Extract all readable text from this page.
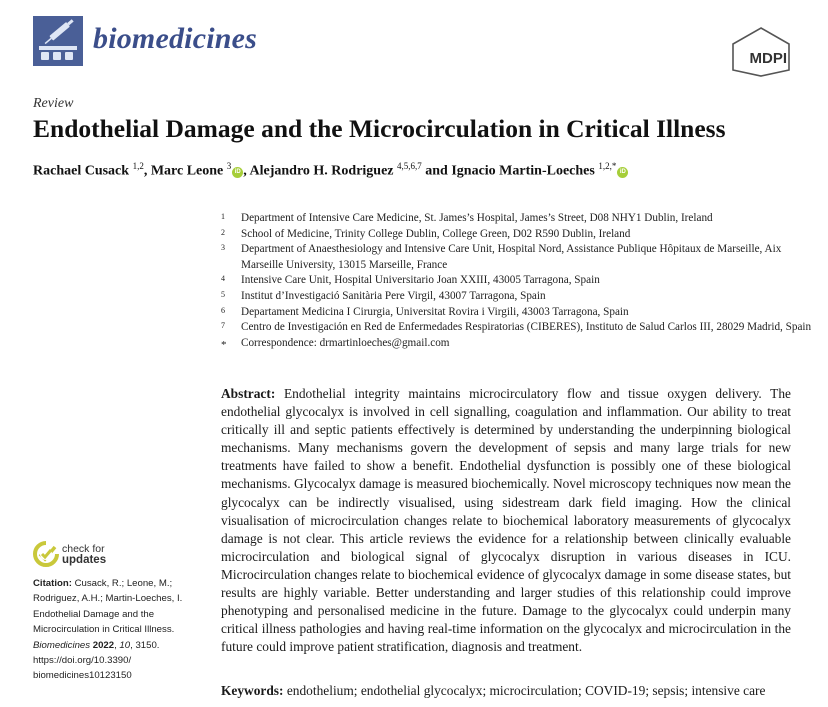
biomedicines
MDPI
Review
Endothelial Damage and the Microcirculation in Critical Illness
Rachael Cusack $^{1,2}$, Marc Leone $^3$iD , Alejandro H. Rodriguez $^{4,5,6,7}$ and Ignacio Martin-Loeches $^{1,2,*}$iD
1 Department of Intensive Care Medicine, St. James’s Hospital, James’s Street, D08 NHY1 Dublin, Ireland
2 School of Medicine, Trinity College Dublin, College Green, D02 R590 Dublin, Ireland
3 Department of Anaesthesiology and Intensive Care Unit, Hospital Nord, Assistance Publique Hôpitaux de Marseille, Aix Marseille University, 13015 Marseille, France
4 Intensive Care Unit, Hospital Universitario Joan XXIII, 43005 Tarragona, Spain
5 Institut d’Investigació Sanitària Pere Virgil, 43007 Tarragona, Spain
6 Departament Medicina I Cirurgia, Universitat Rovira i Virgili, 43003 Tarragona, Spain
7 Centro de Investigación en Red de Enfermedades Respiratorias (CIBERES), Instituto de Salud Carlos III, 28029 Madrid, Spain
* Correspondence: drmartinloeches@gmail.com
Abstract: Endothelial integrity maintains microcirculatory flow and tissue oxygen delivery. The endothelial glycocalyx is involved in cell signalling, coagulation and inflammation. Our ability to treat critically ill and septic patients effectively is determined by understanding the underpinning biological mechanisms. Many mechanisms govern the development of sepsis and many large trials for new treatments have failed to show a benefit. Endothelial dysfunction is possibly one of these biological mechanisms. Glycocalyx damage is measured biochemically. Novel microscopy techniques now mean the glycocalyx can be indirectly visualised, using sidestream dark field imaging. How the clinical visualisation of microcirculation changes relate to biochemical laboratory measurements of glycocalyx damage is not clear. This article reviews the evidence for a relationship between clinically evaluable microcirculation and biological signal of glycocalyx disruption in various diseases in ICU. Microcirculation changes relate to biochemical evidence of glycocalyx damage in some disease states, but results are highly variable. Better understanding and larger studies of this relationship could improve phenotyping and personalised medicine in the future. Damage to the glycocalyx could underpin many critical illness pathologies and having real-time information on the glycocalyx and microcirculation in the future could improve patient stratification, diagnosis and treatment.
Keywords: endothelium; endothelial glycocalyx; microcirculation; COVID-19; sepsis; intensive care
check for
updates
Citation: Cusack, R.; Leone, M.; Rodriguez, A.H.; Martin-Loeches, I. Endothelial Damage and the Microcirculation in Critical Illness. Biomedicines 2022, 10, 3150.
https://doi.org/10.3390/
biomedicines10123150
